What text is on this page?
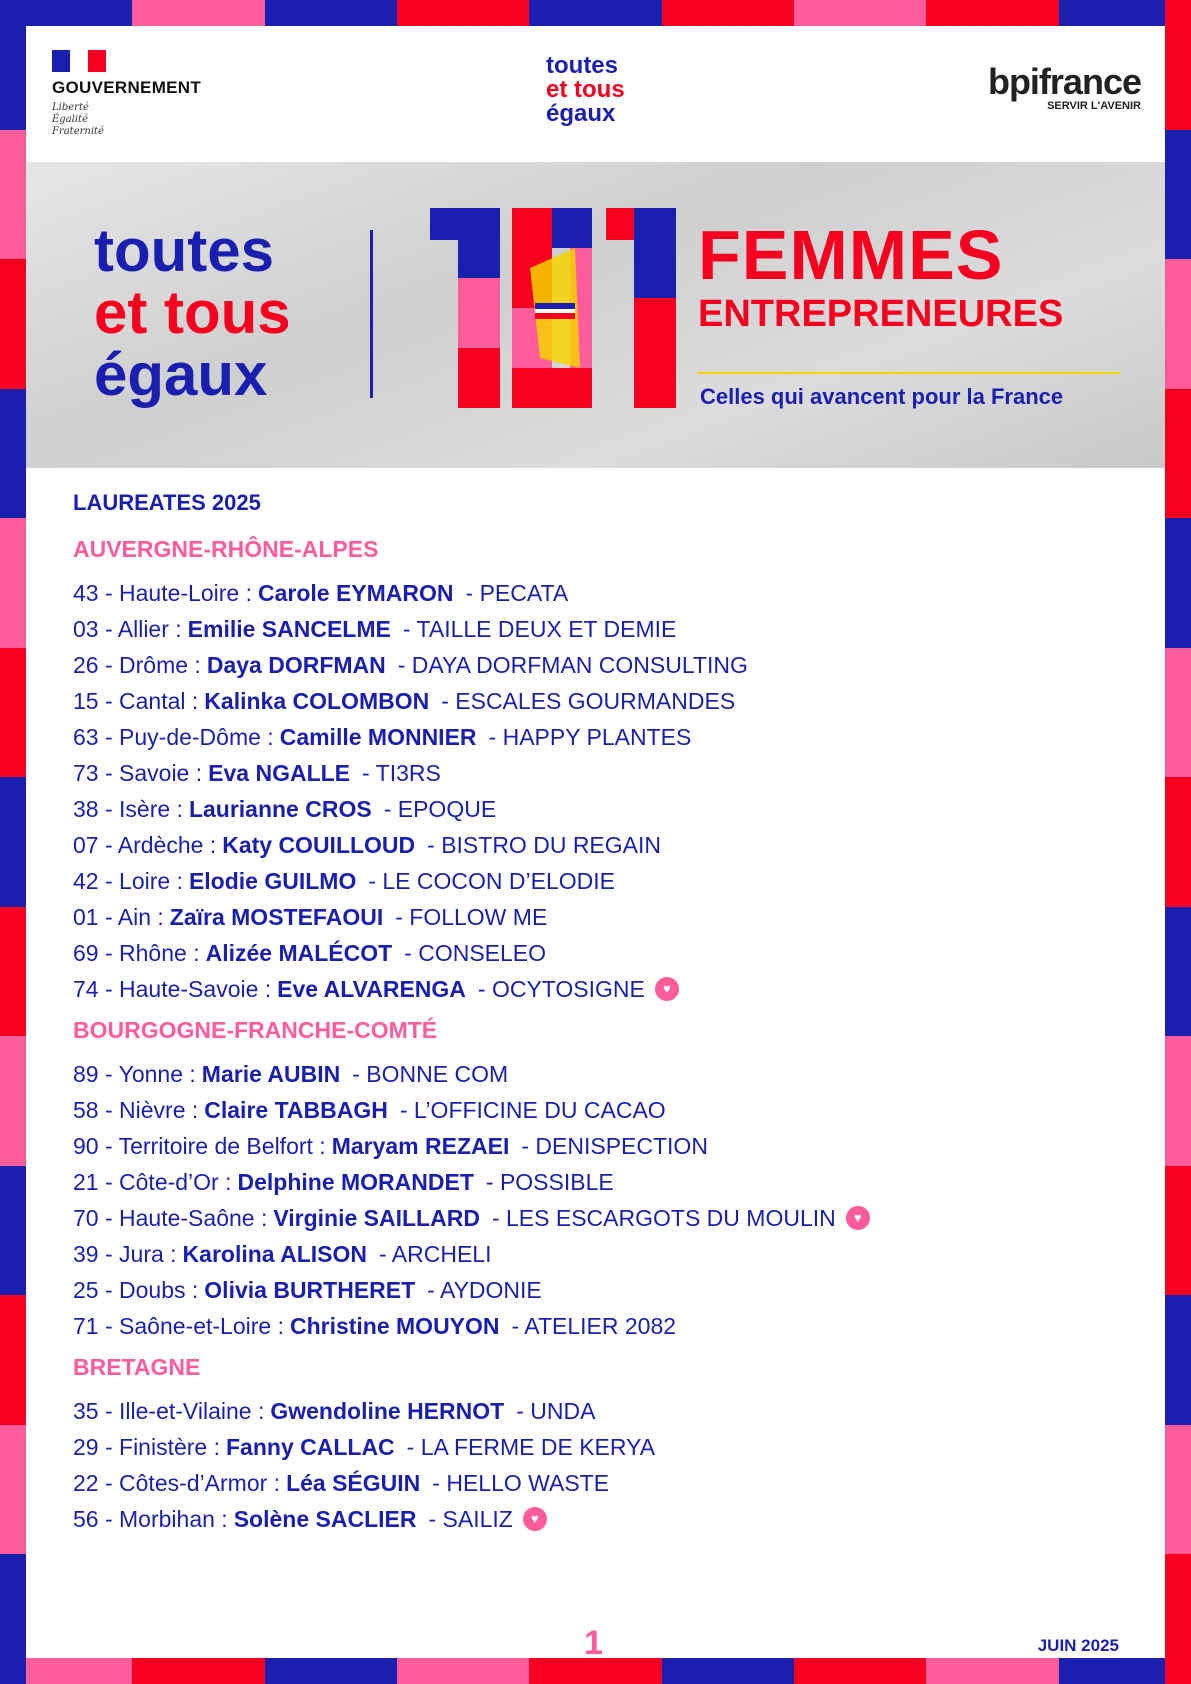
GOUVERNEMENT
Liberté
Égalité
Fraternité
toutes
et tous
égaux
bpifrance
SERVIR L'AVENIR
toutes
et tous
égaux
FEMMES
ENTREPRENEURES
Celles qui avancent pour la France
LAUREATES 2025
AUVERGNE-RHÔNE-ALPES
43 - Haute-Loire : Carole EYMARON - PECATA
03 - Allier : Emilie SANCELME - TAILLE DEUX ET DEMIE
26 - Drôme : Daya DORFMAN - DAYA DORFMAN CONSULTING
15 - Cantal : Kalinka COLOMBON - ESCALES GOURMANDES
63 - Puy-de-Dôme : Camille MONNIER - HAPPY PLANTES
73 - Savoie : Eva NGALLE - TI3RS
38 - Isère : Laurianne CROS - EPOQUE
07 - Ardèche : Katy COUILLOUD - BISTRO DU REGAIN
42 - Loire : Elodie GUILMO - LE COCON D’ELODIE
01 - Ain : Zaïra MOSTEFAOUI - FOLLOW ME
69 - Rhône : Alizée MALÉCOT - CONSELEO
74 - Haute-Savoie : Eve ALVARENGA - OCYTOSIGNE	♥
BOURGOGNE-FRANCHE-COMTÉ
89 - Yonne : Marie AUBIN - BONNE COM
58 - Nièvre : Claire TABBAGH - L’OFFICINE DU CACAO
90 - Territoire de Belfort : Maryam REZAEI - DENISPECTION
21 - Côte-d’Or : Delphine MORANDET - POSSIBLE
70 - Haute-Saône : Virginie SAILLARD - LES ESCARGOTS DU MOULIN	♥
39 - Jura : Karolina ALISON - ARCHELI
25 - Doubs : Olivia BURTHERET - AYDONIE
71 - Saône-et-Loire : Christine MOUYON - ATELIER 2082
BRETAGNE
35 - Ille-et-Vilaine : Gwendoline HERNOT - UNDA
29 - Finistère : Fanny CALLAC - LA FERME DE KERYA
22 - Côtes-d’Armor : Léa SÉGUIN - HELLO WASTE
56 - Morbihan : Solène SACLIER - SAILIZ	♥
1	JUIN 2025
